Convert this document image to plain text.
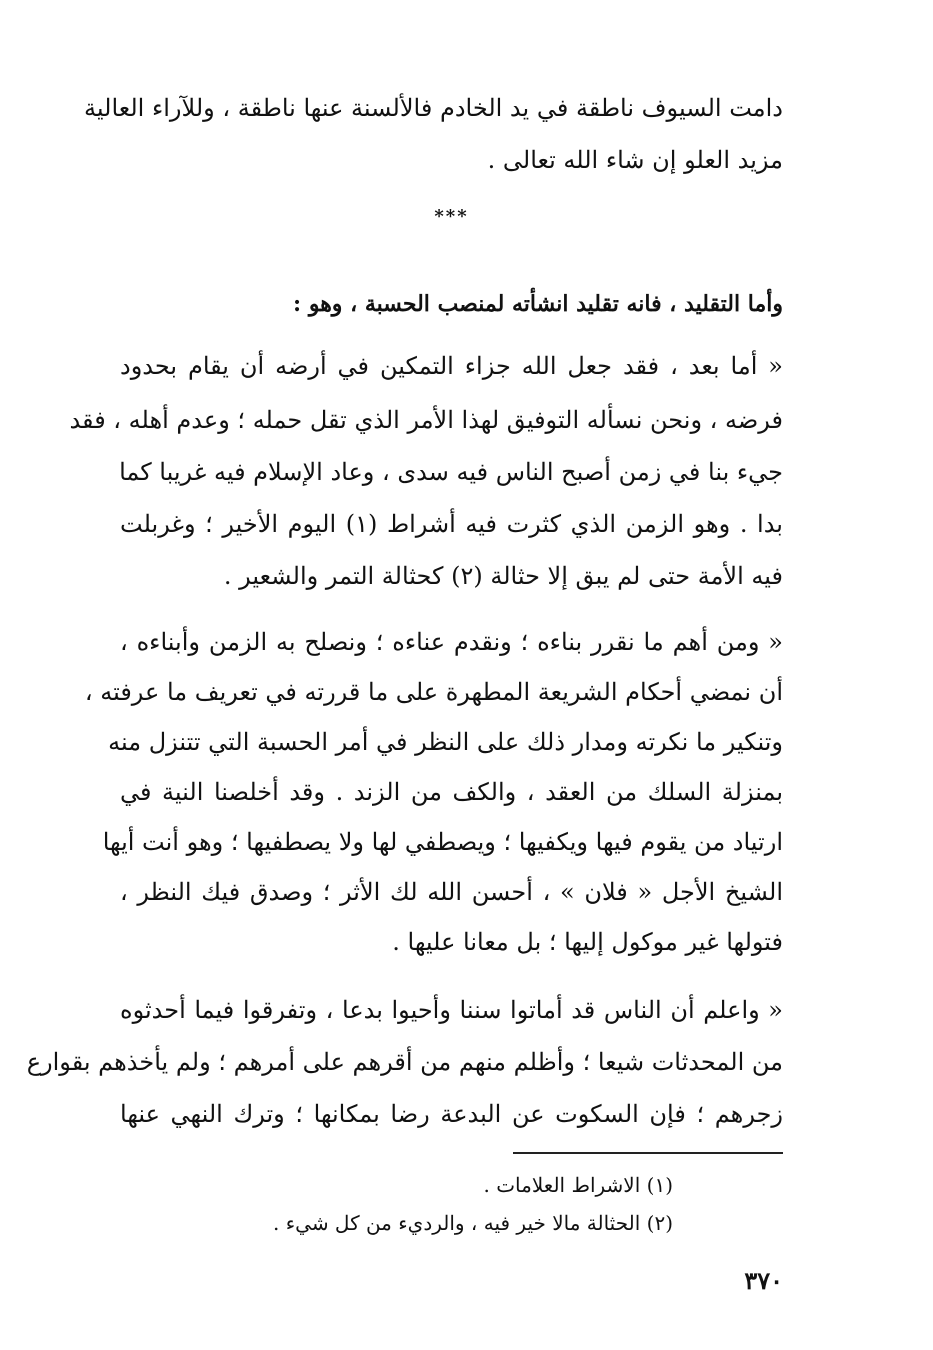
دامت السيوف ناطقة في يد الخادم فالألسنة عنها ناطقة ، وللآراء العالية
مزيد العلو إن شاء الله تعالى .
***
وأما التقليد ، فانه تقليد انشأته لمنصب الحسبة ، وهو :
« أما بعد ، فقد جعل الله جزاء التمكين في أرضه أن يقام بحدود
فرضه ، ونحن نسأله التوفيق لهذا الأمر الذي تقل حمله ؛ وعدم أهله ، فقد
جيء بنا في زمن أصبح الناس فيه سدى ، وعاد الإسلام فيه غريبا كما
بدا . وهو الزمن الذي كثرت فيه أشراط (١) اليوم الأخير ؛ وغربلت
فيه الأمة حتى لم يبق إلا حثالة (٢) كحثالة التمر والشعير .
« ومن أهم ما نقرر بناءه ؛ ونقدم عناءه ؛ ونصلح به الزمن وأبناءه ،
أن نمضي أحكام الشريعة المطهرة على ما قررته في تعريف ما عرفته ،
وتنكير ما نكرته ومدار ذلك على النظر في أمر الحسبة التي تتنزل منه
بمنزلة السلك من العقد ، والكف من الزند . وقد أخلصنا النية في
ارتياد من يقوم فيها ويكفيها ؛ ويصطفي لها ولا يصطفيها ؛ وهو أنت أيها
الشيخ الأجل « فلان » ، أحسن الله لك الأثر ؛ وصدق فيك النظر ،
فتولها غير موكول إليها ؛ بل معانا عليها .
« واعلم أن الناس قد أماتوا سننا وأحيوا بدعا ، وتفرقوا فيما أحدثوه
من المحدثات شيعا ؛ وأظلم منهم من أقرهم على أمرهم ؛ ولم يأخذهم بقوارع
زجرهم ؛ فإن السكوت عن البدعة رضا بمكانها ؛ وترك النهي عنها
(١) الاشراط العلامات .
(٢) الحثالة مالا خير فيه ، والرديء من كل شيء .
٣٧٠
